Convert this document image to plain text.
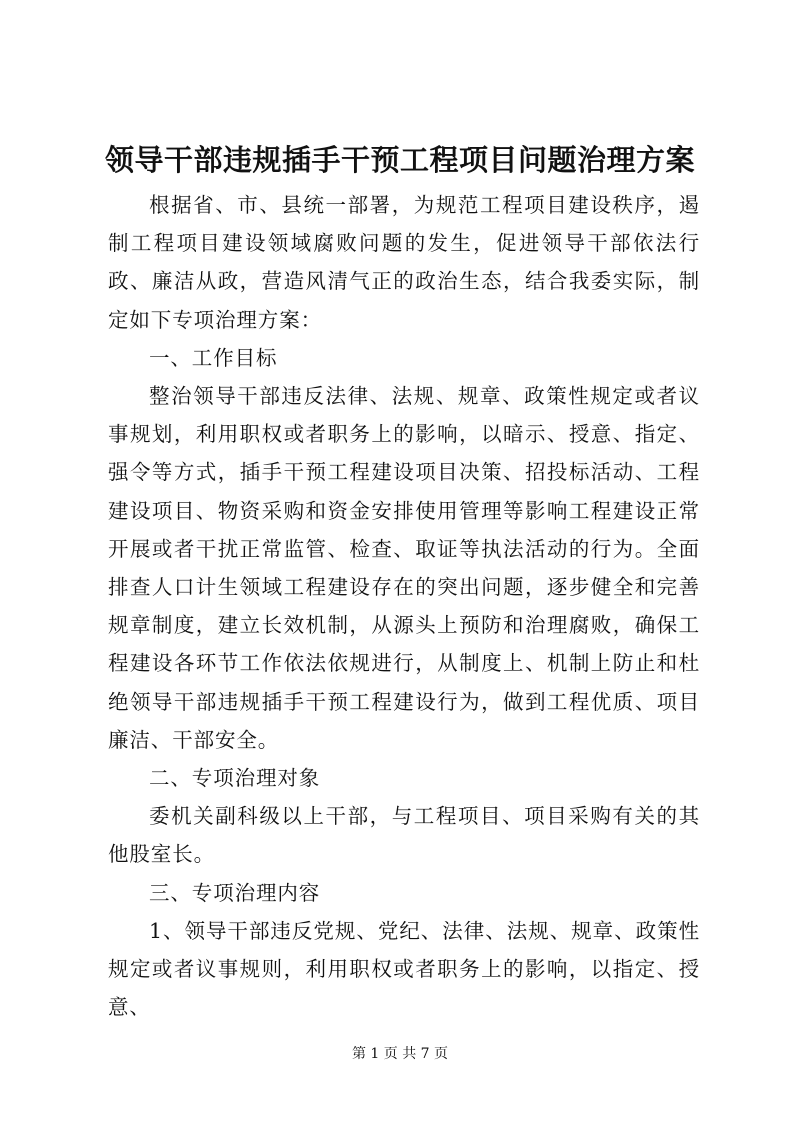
领导干部违规插手干预工程项目问题治理方案

根据省、市、县统一部署，为规范工程项目建设秩序，遏制工程项目建设领域腐败问题的发生，促进领导干部依法行政、廉洁从政，营造风清气正的政治生态，结合我委实际，制定如下专项治理方案：

一、工作目标

整治领导干部违反法律、法规、规章、政策性规定或者议事规划，利用职权或者职务上的影响，以暗示、授意、指定、强令等方式，插手干预工程建设项目决策、招投标活动、工程建设项目、物资采购和资金安排使用管理等影响工程建设正常开展或者干扰正常监管、检查、取证等执法活动的行为。全面排查人口计生领域工程建设存在的突出问题，逐步健全和完善规章制度，建立长效机制，从源头上预防和治理腐败，确保工程建设各环节工作依法依规进行，从制度上、机制上防止和杜绝领导干部违规插手干预工程建设行为，做到工程优质、项目廉洁、干部安全。

二、专项治理对象

委机关副科级以上干部，与工程项目、项目采购有关的其他股室长。

三、专项治理内容

1、领导干部违反党规、党纪、法律、法规、规章、政策性规定或者议事规则，利用职权或者职务上的影响，以指定、授意、

第 1 页 共 7 页
